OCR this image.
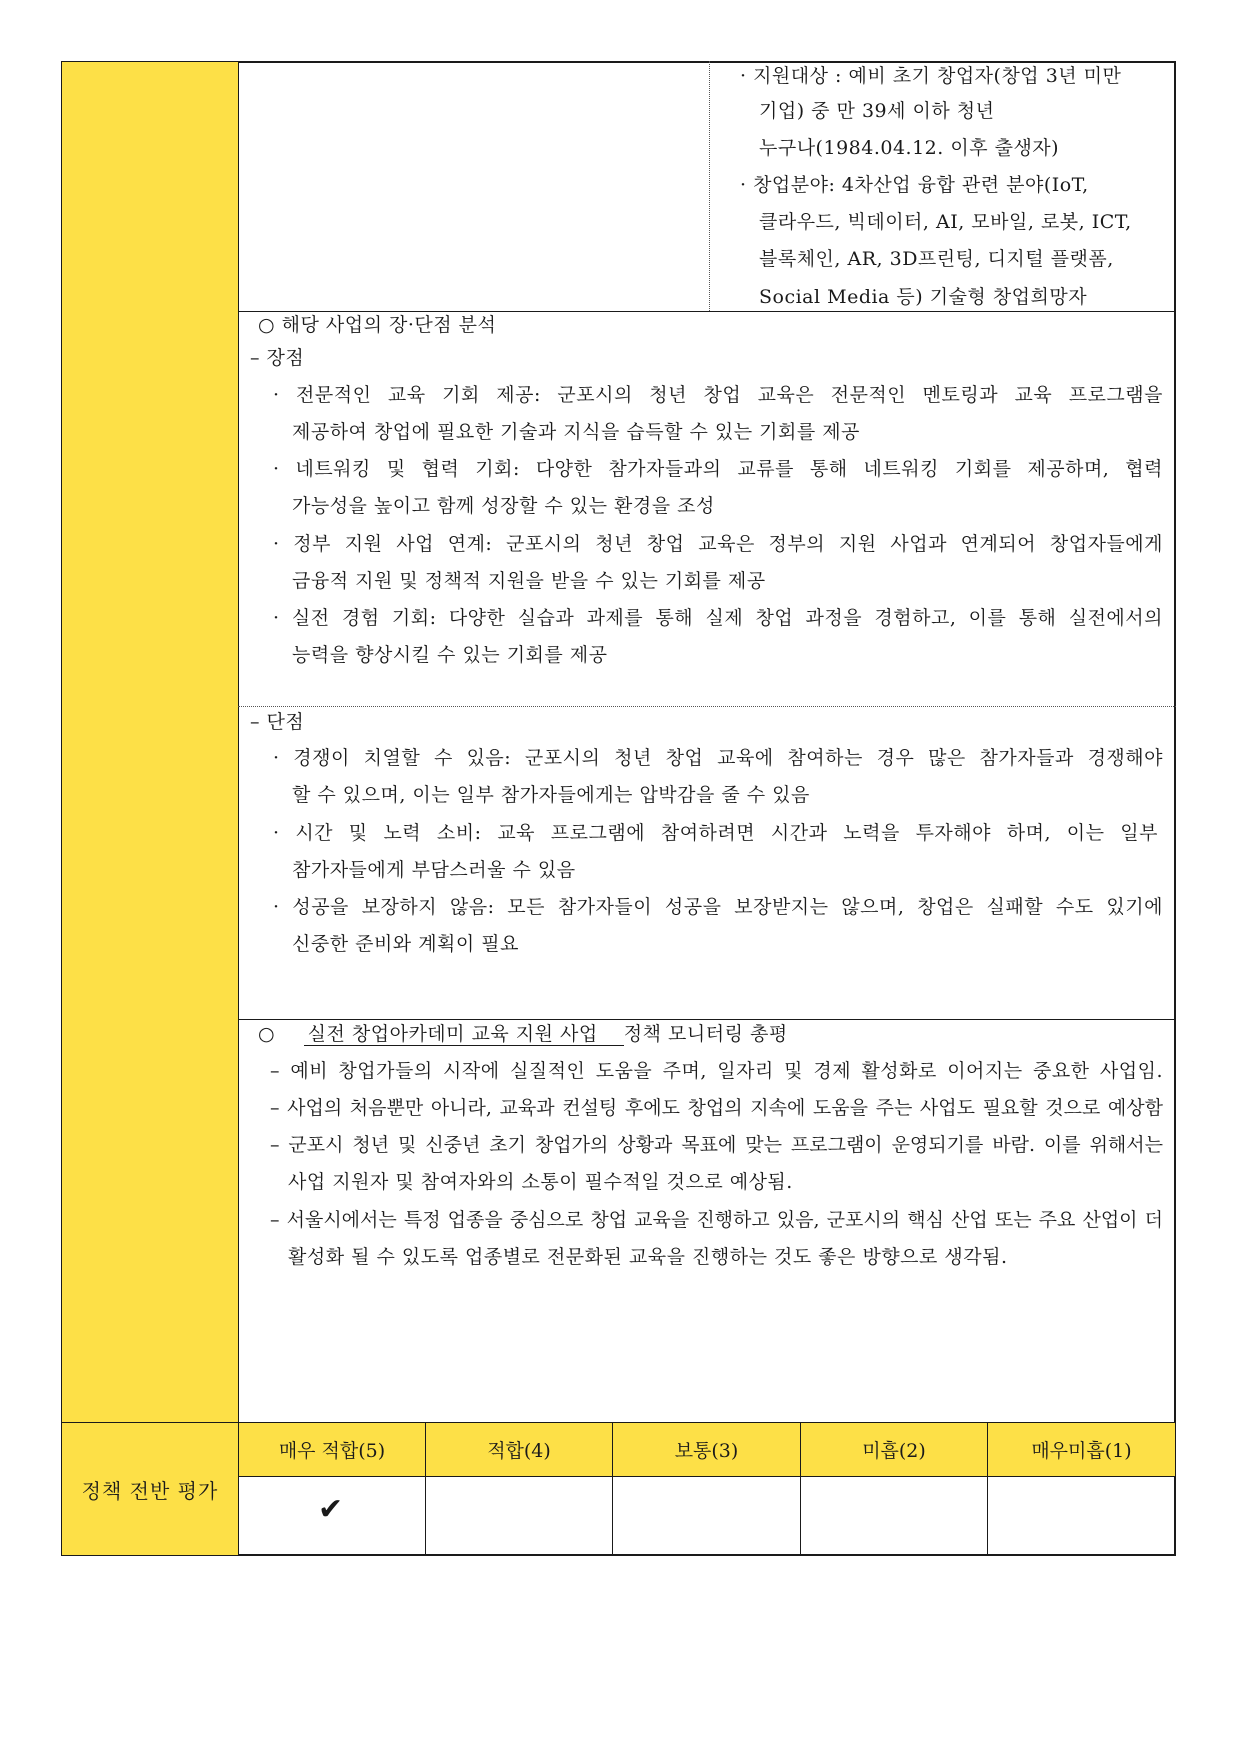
정책 전반 평가
· 지원대상 : 예비 초기 창업자(창업 3년 미만
기업) 중 만 39세 이하 청년
누구나(1984.04.12. 이후 출생자)
· 창업분야: 4차산업 융합 관련 분야(IoT,
클라우드, 빅데이터, AI, 모바일, 로봇, ICT,
블록체인, AR, 3D프린팅, 디지털 플랫폼,
Social Media 등) 기술형 창업희망자
○ 해당 사업의 장·단점 분석
– 장점
· 전문적인 교육 기회 제공: 군포시의 청년 창업 교육은 전문적인 멘토링과 교육 프로그램을
제공하여 창업에 필요한 기술과 지식을 습득할 수 있는 기회를 제공
· 네트워킹 및 협력 기회: 다양한 참가자들과의 교류를 통해 네트워킹 기회를 제공하며, 협력
가능성을 높이고 함께 성장할 수 있는 환경을 조성
· 정부 지원 사업 연계: 군포시의 청년 창업 교육은 정부의 지원 사업과 연계되어 창업자들에게
금융적 지원 및 정책적 지원을 받을 수 있는 기회를 제공
· 실전 경험 기회: 다양한 실습과 과제를 통해 실제 창업 과정을 경험하고, 이를 통해 실전에서의
능력을 향상시킬 수 있는 기회를 제공
– 단점
· 경쟁이 치열할 수 있음: 군포시의 청년 창업 교육에 참여하는 경우 많은 참가자들과 경쟁해야
할 수 있으며, 이는 일부 참가자들에게는 압박감을 줄 수 있음
· 시간 및 노력 소비: 교육 프로그램에 참여하려면 시간과 노력을 투자해야 하며, 이는 일부
참가자들에게 부담스러울 수 있음
· 성공을 보장하지 않음: 모든 참가자들이 성공을 보장받지는 않으며, 창업은 실패할 수도 있기에
신중한 준비와 계획이 필요
○ 실전 창업아카데미 교육 지원 사업 정책 모니터링 총평
– 예비 창업가들의 시작에 실질적인 도움을 주며, 일자리 및 경제 활성화로 이어지는 중요한 사업임.
– 사업의 처음뿐만 아니라, 교육과 컨설팅 후에도 창업의 지속에 도움을 주는 사업도 필요할 것으로 예상함
– 군포시 청년 및 신중년 초기 창업가의 상황과 목표에 맞는 프로그램이 운영되기를 바람. 이를 위해서는
사업 지원자 및 참여자와의 소통이 필수적일 것으로 예상됨.
– 서울시에서는 특정 업종을 중심으로 창업 교육을 진행하고 있음, 군포시의 핵심 산업 또는 주요 산업이 더
활성화 될 수 있도록 업종별로 전문화된 교육을 진행하는 것도 좋은 방향으로 생각됨.
매우 적합(5)	적합(4)	보통(3)	미흡(2)	매우미흡(1)
✔
